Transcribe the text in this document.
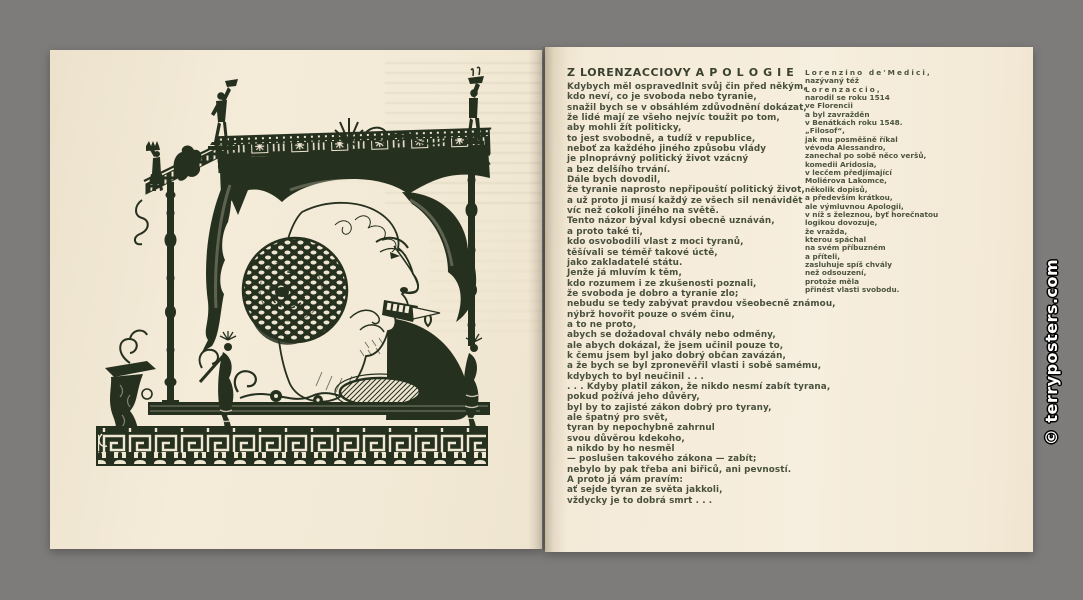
Z LORENZACCIOVY A P O L O G I E
Kdybych měl ospravedlnit svůj čin před někým,
kdo neví, co je svoboda nebo tyranie,
snažil bych se v obsáhlém zdůvodnění dokázat,
že lidé mají ze všeho nejvíc toužit po tom,
aby mohli žít politicky,
to jest svobodně, a tudíž v republice,
neboť za každého jiného způsobu vlády
je plnoprávný politický život vzácný
a bez delšího trvání.
Dále bych dovodil,
že tyranie naprosto nepřipouští politický život,
a už proto ji musí každý ze všech sil nenávidět
víc než cokoli jiného na světě.
Tento názor býval kdysi obecně uznáván,
a proto také ti,
kdo osvobodili vlast z moci tyranů,
těšívali se téměř takové úctě,
jako zakladatelé státu.
Jenže já mluvím k těm,
kdo rozumem i ze zkušenosti poznali,
že svoboda je dobro a tyranie zlo;
nebudu se tedy zabývat pravdou všeobecně známou,
nýbrž hovořit pouze o svém činu,
a to ne proto,
abych se dožadoval chvály nebo odměny,
ale abych dokázal, že jsem učinil pouze to,
k čemu jsem byl jako dobrý občan zavázán,
a že bych se byl zpronevěřil vlasti i sobě samému,
kdybych to byl neučinil . . .
. . . Kdyby platil zákon, že nikdo nesmí zabít tyrana,
pokud požívá jeho důvěry,
byl by to zajisté zákon dobrý pro tyrany,
ale špatný pro svět,
tyran by nepochybně zahrnul
svou důvěrou kdekoho,
a nikdo by ho nesměl
— poslušen takového zákona — zabít;
nebylo by pak třeba ani biřiců, ani pevností.
A proto já vám pravím:
ať sejde tyran ze světa jakkoli,
vždycky je to dobrá smrt . . .
Lorenzino de'Medici,
nazývaný též
Lorenzaccio,
narodil se roku 1514
ve Florencii
a byl zavražděn
v Benátkách roku 1548.
„Filosof“,
jak mu posměšně říkal
vévoda Alessandro,
zanechal po sobě něco veršů,
komedii Aridosia,
v lecčem předjímající
Moliérova Lakomce,
několik dopisů,
a především krátkou,
ale výmluvnou Apologii,
v níž s železnou, byť horečnatou
logikou dovozuje,
že vražda,
kterou spáchal
na svém příbuzném
a příteli,
zasluhuje spíš chvály
než odsouzení,
protože měla
přinést vlasti svobodu.	© terryposters.com
